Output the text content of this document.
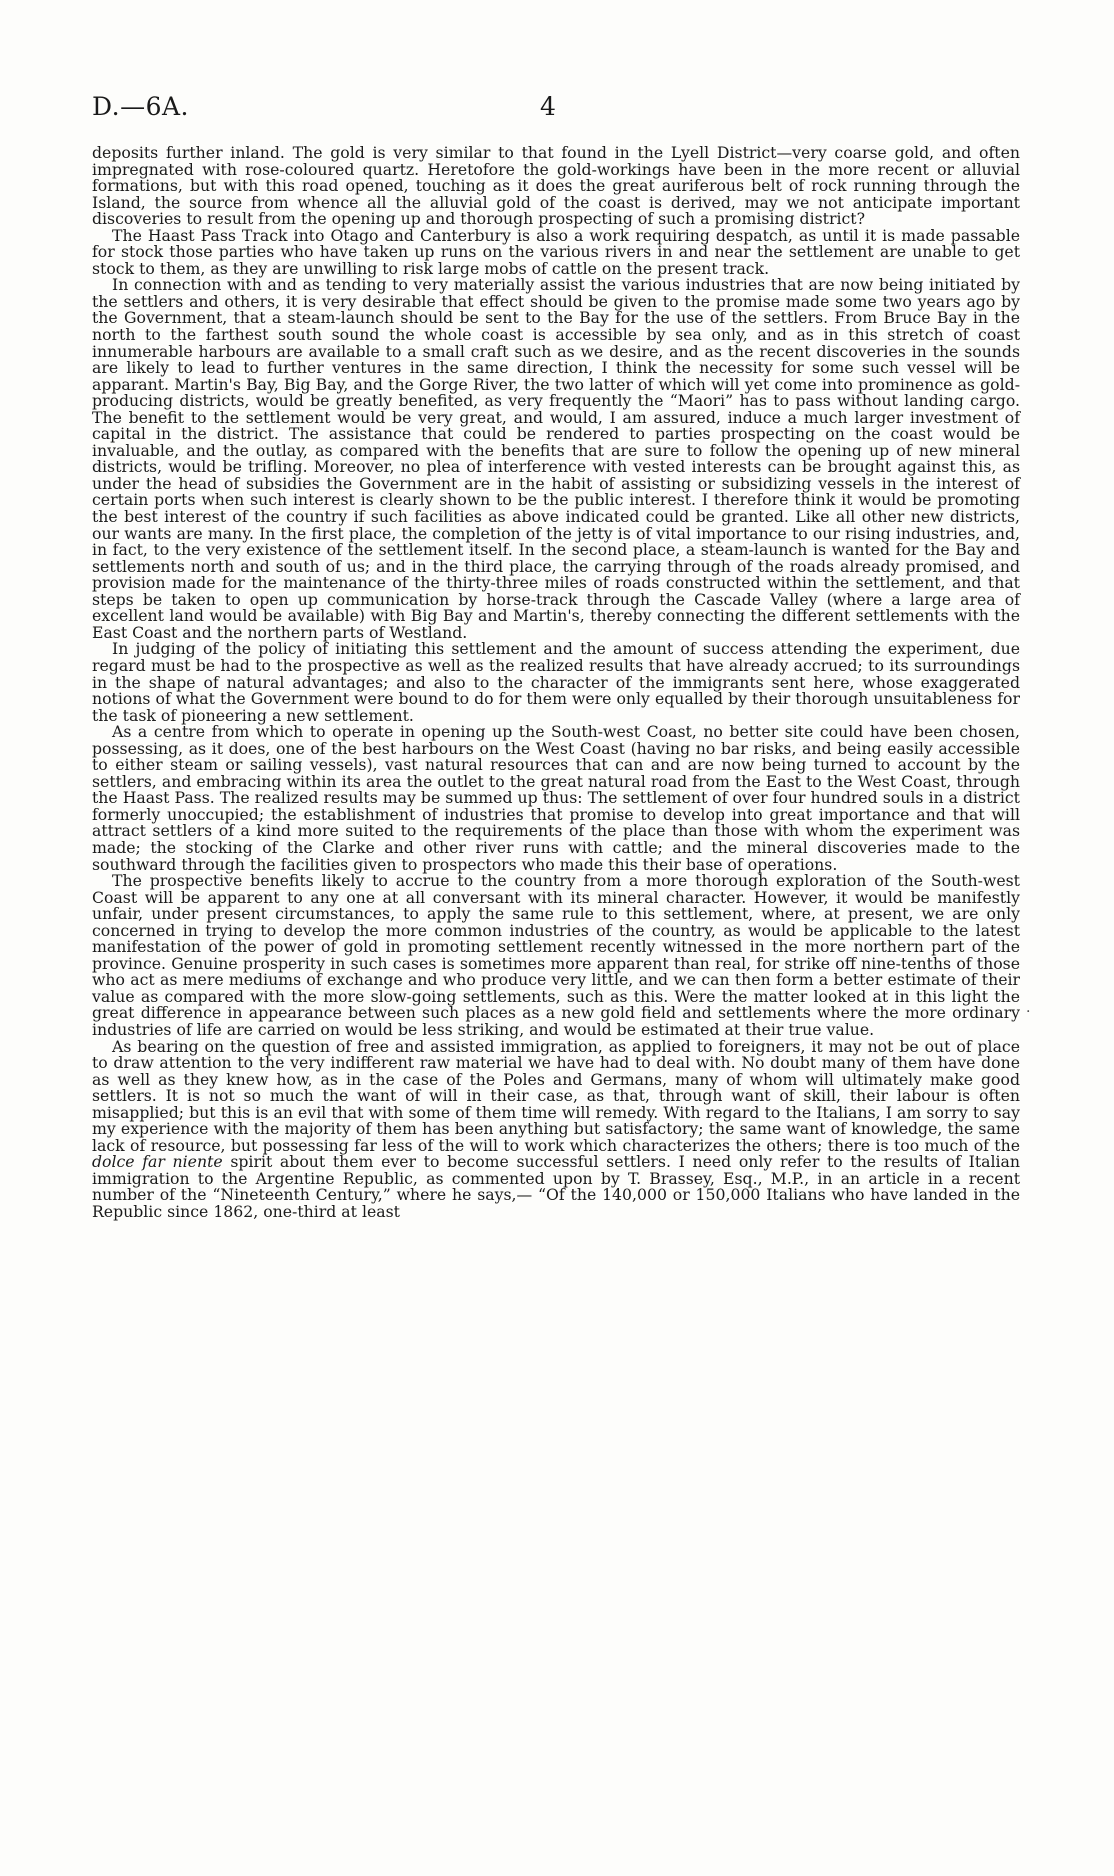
D.—6A.	4

deposits further inland. The gold is very similar to that found in the Lyell District—very coarse gold, and often impregnated with rose-coloured quartz. Heretofore the gold-workings have been in the more recent or alluvial formations, but with this road opened, touching as it does the great auriferous belt of rock running through the Island, the source from whence all the alluvial gold of the coast is derived, may we not anticipate important discoveries to result from the opening up and thorough prospecting of such a promising district?

The Haast Pass Track into Otago and Canterbury is also a work requiring despatch, as until it is made passable for stock those parties who have taken up runs on the various rivers in and near the settlement are unable to get stock to them, as they are unwilling to risk large mobs of cattle on the present track.

In connection with and as tending to very materially assist the various industries that are now being initiated by the settlers and others, it is very desirable that effect should be given to the promise made some two years ago by the Government, that a steam-launch should be sent to the Bay for the use of the settlers. From Bruce Bay in the north to the farthest south sound the whole coast is accessible by sea only, and as in this stretch of coast innumerable harbours are available to a small craft such as we desire, and as the recent discoveries in the sounds are likely to lead to further ventures in the same direction, I think the necessity for some such vessel will be apparant. Martin's Bay, Big Bay, and the Gorge River, the two latter of which will yet come into prominence as gold-producing districts, would be greatly benefited, as very frequently the “Maori” has to pass without landing cargo. The benefit to the settlement would be very great, and would, I am assured, induce a much larger investment of capital in the district. The assistance that could be rendered to parties prospecting on the coast would be invaluable, and the outlay, as compared with the benefits that are sure to follow the opening up of new mineral districts, would be trifling. Moreover, no plea of interference with vested interests can be brought against this, as under the head of subsidies the Government are in the habit of assisting or subsidizing vessels in the interest of certain ports when such interest is clearly shown to be the public interest. I therefore think it would be promoting the best interest of the country if such facilities as above indicated could be granted. Like all other new districts, our wants are many. In the first place, the completion of the jetty is of vital importance to our rising industries, and, in fact, to the very existence of the settlement itself. In the second place, a steam-launch is wanted for the Bay and settlements north and south of us; and in the third place, the carrying through of the roads already promised, and provision made for the maintenance of the thirty-three miles of roads constructed within the settlement, and that steps be taken to open up communication by horse-track through the Cascade Valley (where a large area of excellent land would be available) with Big Bay and Martin's, thereby connecting the different settlements with the East Coast and the northern parts of Westland.

In judging of the policy of initiating this settlement and the amount of success attending the experiment, due regard must be had to the prospective as well as the realized results that have already accrued; to its surroundings in the shape of natural advantages; and also to the character of the immigrants sent here, whose exaggerated notions of what the Government were bound to do for them were only equalled by their thorough unsuitableness for the task of pioneering a new settlement.

As a centre from which to operate in opening up the South-west Coast, no better site could have been chosen, possessing, as it does, one of the best harbours on the West Coast (having no bar risks, and being easily accessible to either steam or sailing vessels), vast natural resources that can and are now being turned to account by the settlers, and embracing within its area the outlet to the great natural road from the East to the West Coast, through the Haast Pass. The realized results may be summed up thus: The settlement of over four hundred souls in a district formerly unoccupied; the establishment of industries that promise to develop into great importance and that will attract settlers of a kind more suited to the requirements of the place than those with whom the experiment was made; the stocking of the Clarke and other river runs with cattle; and the mineral discoveries made to the southward through the facilities given to prospectors who made this their base of operations.

The prospective benefits likely to accrue to the country from a more thorough exploration of the South-west Coast will be apparent to any one at all conversant with its mineral character. However, it would be manifestly unfair, under present circumstances, to apply the same rule to this settlement, where, at present, we are only concerned in trying to develop the more common industries of the country, as would be applicable to the latest manifestation of the power of gold in promoting settlement recently witnessed in the more northern part of the province. Genuine prosperity in such cases is sometimes more apparent than real, for strike off nine-tenths of those who act as mere mediums of exchange and who produce very little, and we can then form a better estimate of their value as compared with the more slow-going settlements, such as this. Were the matter looked at in this light the great difference in appearance between such places as a new gold field and settlements where the more ordinary industries of life are carried on would be less striking, and would be estimated at their true value.

As bearing on the question of free and assisted immigration, as applied to foreigners, it may not be out of place to draw attention to the very indifferent raw material we have had to deal with. No doubt many of them have done as well as they knew how, as in the case of the Poles and Germans, many of whom will ultimately make good settlers. It is not so much the want of will in their case, as that, through want of skill, their labour is often misapplied; but this is an evil that with some of them time will remedy. With regard to the Italians, I am sorry to say my experience with the majority of them has been anything but satisfactory; the same want of knowledge, the same lack of resource, but possessing far less of the will to work which characterizes the others; there is too much of the dolce far niente spirit about them ever to become successful settlers. I need only refer to the results of Italian immigration to the Argentine Republic, as commented upon by T. Brassey, Esq., M.P., in an article in a recent number of the “Nineteenth Century,” where he says,— “Of the 140,000 or 150,000 Italians who have landed in the Republic since 1862, one-third at least

.
